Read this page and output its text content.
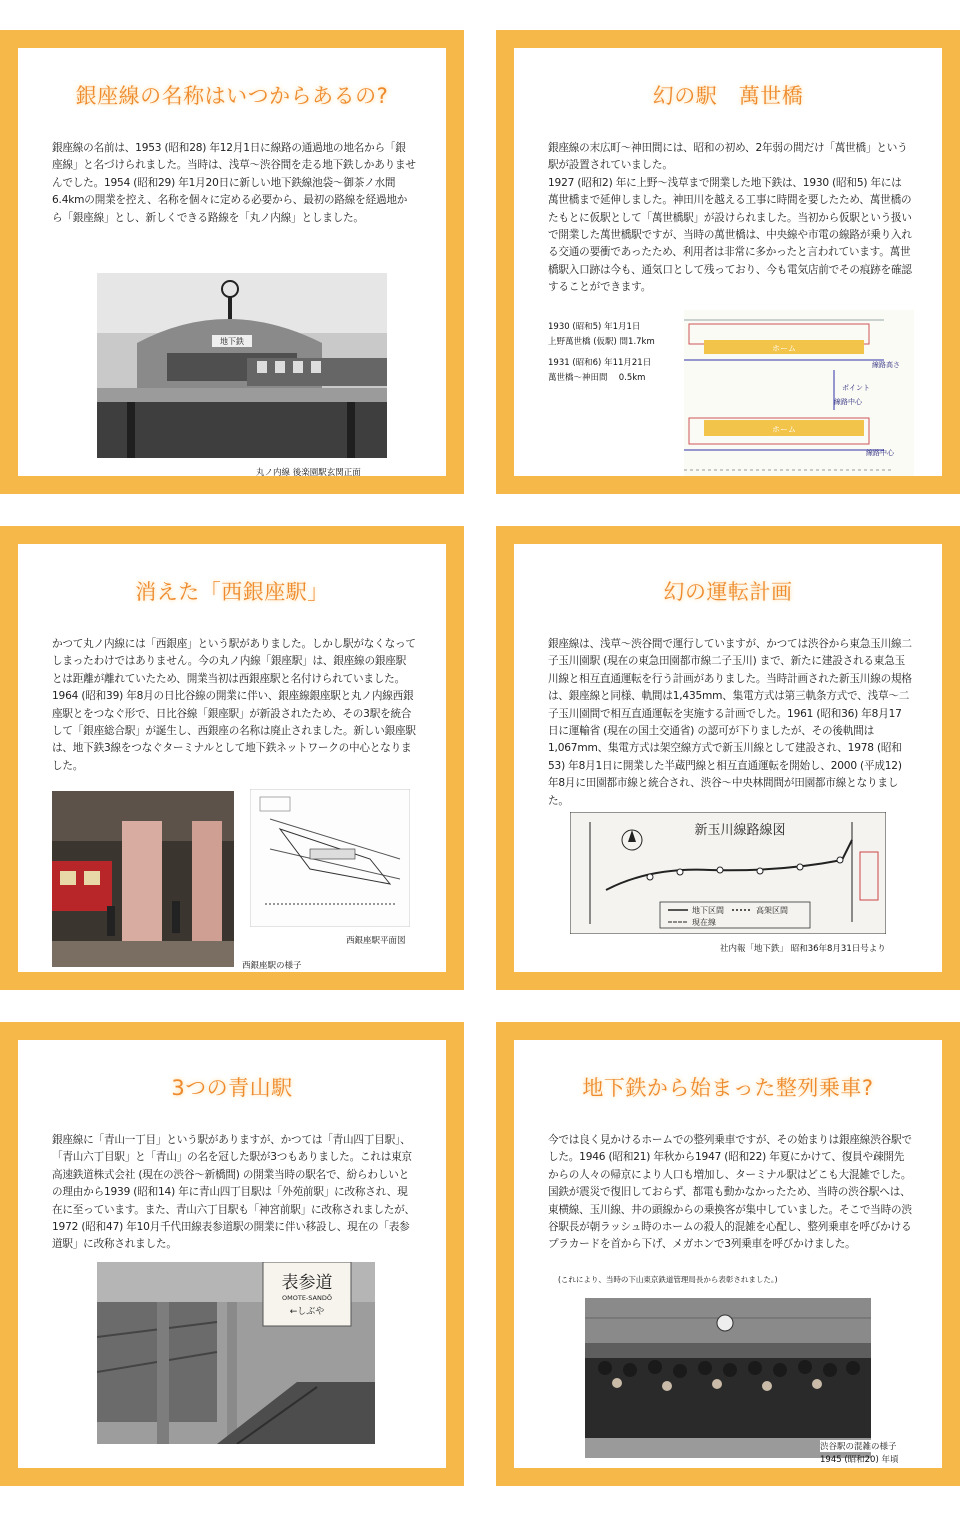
銀座線の名称はいつからあるの?
銀座線の名前は、1953 (昭和28) 年12月1日に線路の通過地の地名から「銀座線」と名づけられました。当時は、浅草〜渋谷間を走る地下鉄しかありませんでした。1954 (昭和29) 年1月20日に新しい地下鉄線池袋〜御茶ノ水間6.4kmの開業を控え、名称を個々に定める必要から、最初の路線を経過地から「銀座線」とし、新しくできる路線を「丸ノ内線」としました。
地下鉄
丸ノ内線 後楽園駅玄関正面
幻の駅　萬世橋
銀座線の末広町〜神田間には、昭和の初め、2年弱の間だけ「萬世橋」という駅が設置されていました。
1927 (昭和2) 年に上野〜浅草まで開業した地下鉄は、1930 (昭和5) 年には萬世橋まで延伸しました。神田川を越える工事に時間を要したため、萬世橋のたもとに仮駅として「萬世橋駅」が設けられました。当初から仮駅という扱いで開業した萬世橋駅ですが、当時の萬世橋は、中央線や市電の線路が乗り入れる交通の要衝であったため、利用者は非常に多かったと言われています。萬世橋駅入口跡は今も、通気口として残っており、今も電気店前でその痕跡を確認することができます。
1930 (昭和5) 年1月1日
上野萬世橋 (仮駅) 間1.7km
1931 (昭和6) 年11月21日
萬世橋〜神田間　 0.5km
ホーム
線路高さ
ポイント
線路中心
ホーム
線路中心
消えた「西銀座駅」
かつて丸ノ内線には「西銀座」という駅がありました。しかし駅がなくなってしまったわけではありません。今の丸ノ内線「銀座駅」は、銀座線の銀座駅とは距離が離れていたため、開業当初は西銀座駅と名付けられていました。1964 (昭和39) 年8月の日比谷線の開業に伴い、銀座線銀座駅と丸ノ内線西銀座駅とをつなぐ形で、日比谷線「銀座駅」が新設されたため、その3駅を統合して「銀座総合駅」が誕生し、西銀座の名称は廃止されました。新しい銀座駅は、地下鉄3線をつなぐターミナルとして地下鉄ネットワークの中心となりました。
西銀座駅平面図
西銀座駅の様子
幻の運転計画
銀座線は、浅草〜渋谷間で運行していますが、かつては渋谷から東急玉川線二子玉川園駅 (現在の東急田園都市線二子玉川) まで、新たに建設される東急玉川線と相互直通運転を行う計画がありました。当時計画された新玉川線の規格は、銀座線と同様、軌間は1,435mm、集電方式は第三軌条方式で、浅草〜二子玉川園間で相互直通運転を実施する計画でした。1961 (昭和36) 年8月17日に運輸省 (現在の国土交通省) の認可が下りましたが、その後軌間は1,067mm、集電方式は架空線方式で新玉川線として建設され、1978 (昭和53) 年8月1日に開業した半蔵門線と相互直通運転を開始し、2000 (平成12) 年8月に田園都市線と統合され、渋谷〜中央林間間が田園都市線となりました。
新玉川線路線図
地下区間	高架区間
現在線
社内報「地下鉄」 昭和36年8月31日号より
3つの青山駅
銀座線に「青山一丁目」という駅がありますが、かつては「青山四丁目駅」、「青山六丁目駅」と「青山」の名を冠した駅が3つもありました。これは東京高速鉄道株式会社 (現在の渋谷〜新橋間) の開業当時の駅名で、紛らわしいとの理由から1939 (昭和14) 年に青山四丁目駅は「外苑前駅」に改称され、現在に至っています。また、青山六丁目駅も「神宮前駅」に改称されましたが、1972 (昭和47) 年10月千代田線表参道駅の開業に伴い移設し、現在の「表参道駅」に改称されました。
表参道
OMOTE-SANDŌ
←しぶや
地下鉄から始まった整列乗車?
今では良く見かけるホームでの整列乗車ですが、その始まりは銀座線渋谷駅でした。1946 (昭和21) 年秋から1947 (昭和22) 年夏にかけて、復員や疎開先からの人々の帰京により人口も増加し、ターミナル駅はどこも大混雑でした。国鉄が震災で復旧しておらず、都電も動かなかったため、当時の渋谷駅へは、東横線、玉川線、井の頭線からの乗換客が集中していました。そこで当時の渋谷駅長が朝ラッシュ時のホームの殺人的混雑を心配し、整列乗車を呼びかけるプラカードを首から下げ、メガホンで3列乗車を呼びかけました。
(これにより、当時の下山東京鉄道管理局長から表彰されました。)
渋谷駅の混雑の様子
1945 (昭和20) 年頃
